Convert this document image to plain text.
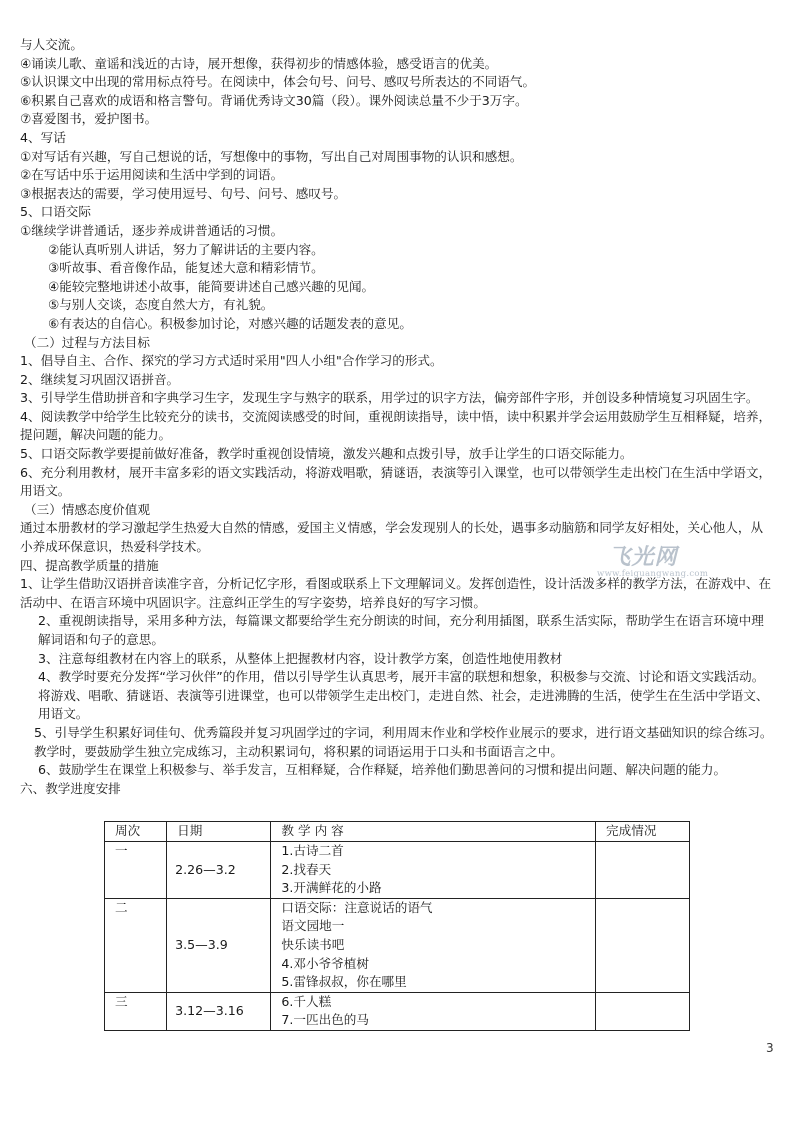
与人交流。

④诵读儿歌、童谣和浅近的古诗，展开想像，获得初步的情感体验，感受语言的优美。

⑤认识课文中出现的常用标点符号。在阅读中，体会句号、问号、感叹号所表达的不同语气。

⑥积累自己喜欢的成语和格言警句。背诵优秀诗文30篇（段）。课外阅读总量不少于3万字。

⑦喜爱图书，爱护图书。

4、写话

①对写话有兴趣，写自己想说的话，写想像中的事物，写出自己对周围事物的认识和感想。

②在写话中乐于运用阅读和生活中学到的词语。

③根据表达的需要，学习使用逗号、句号、问号、感叹号。

5、口语交际

①继续学讲普通话，逐步养成讲普通话的习惯。

②能认真听别人讲话，努力了解讲话的主要内容。

③听故事、看音像作品，能复述大意和精彩情节。

④能较完整地讲述小故事，能简要讲述自己感兴趣的见闻。

⑤与别人交谈，态度自然大方，有礼貌。

⑥有表达的自信心。积极参加讨论，对感兴趣的话题发表的意见。

（二）过程与方法目标

1、倡导自主、合作、探究的学习方式适时采用"四人小组"合作学习的形式。

2、继续复习巩固汉语拼音。

3、引导学生借助拼音和字典学习生字，发现生字与熟字的联系，用学过的识字方法，偏旁部件字形，并创设多种情境复习巩固生字。

4、阅读教学中给学生比较充分的读书，交流阅读感受的时间，重视朗读指导，读中悟，读中积累并学会运用鼓励学生互相释疑，培养，提问题，解决问题的能力。

5、口语交际教学要提前做好准备，教学时重视创设情境，激发兴趣和点拨引导，放手让学生的口语交际能力。

6、充分利用教材，展开丰富多彩的语文实践活动，将游戏唱歌，猜谜语，表演等引入课堂，也可以带领学生走出校门在生活中学语文，用语文。

（三）情感态度价值观

通过本册教材的学习激起学生热爱大自然的情感，爱国主义情感，学会发现别人的长处，遇事多动脑筋和同学友好相处，关心他人，从小养成环保意识，热爱科学技术。

四、提高教学质量的措施

1、让学生借助汉语拼音读准字音，分析记忆字形，看图或联系上下文理解词义。发挥创造性，设计活泼多样的教学方法，在游戏中、在活动中、在语言环境中巩固识字。注意纠正学生的写字姿势，培养良好的写字习惯。

2、重视朗读指导，采用多种方法，每篇课文都要给学生充分朗读的时间，充分利用插图，联系生活实际，帮助学生在语言环境中理解词语和句子的意思。

3、注意每组教材在内容上的联系，从整体上把握教材内容，设计教学方案，创造性地使用教材

4、教学时要充分发挥“学习伙伴”的作用，借以引导学生认真思考，展开丰富的联想和想象，积极参与交流、讨论和语文实践活动。将游戏、唱歌、猜谜语、表演等引进课堂，也可以带领学生走出校门，走进自然、社会，走进沸腾的生活，使学生在生活中学语文、用语文。

5、引导学生积累好词佳句、优秀篇段并复习巩固学过的字词，利用周末作业和学校作业展示的要求，进行语文基础知识的综合练习。教学时，要鼓励学生独立完成练习，主动积累词句，将积累的词语运用于口头和书面语言之中。

6、鼓励学生在课堂上积极参与、举手发言，互相释疑，合作释疑，培养他们勤思善问的习惯和提出问题、解决问题的能力。

六、教学进度安排

飞光网
www.feiguangwang.com
周次	日期	教 学 内 容	完成情况
一	2.26—3.2	1.古诗二首
2.找春天
3.开满鲜花的小路	

二	3.5—3.9	口语交际：注意说话的语气
语文园地一
快乐读书吧
4.邓小爷爷植树
5.雷锋叔叔，你在哪里	

三	3.12—3.16	6.千人糕
7.一匹出色的马	

3
